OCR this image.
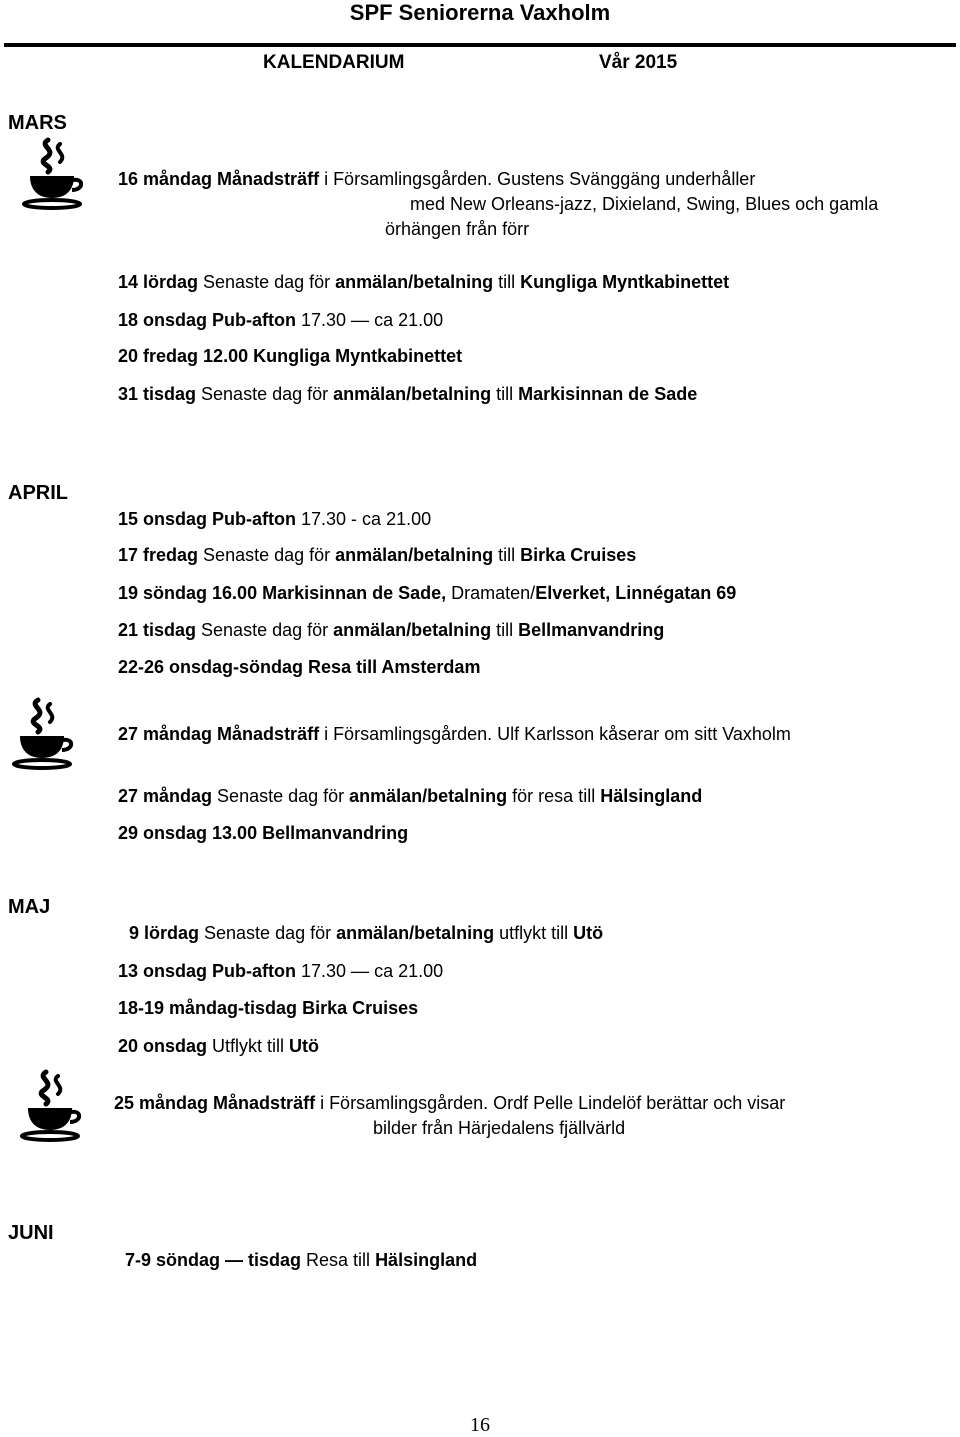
SPF Seniorerna Vaxholm
KALENDARIUM	Vår 2015
MARS
16 måndag Månadsträff i Församlingsgården. Gustens Svänggäng underhåller
med New Orleans-jazz, Dixieland, Swing, Blues och gamla
örhängen från förr
14 lördag Senaste dag för anmälan/betalning till Kungliga Myntkabinettet
18 onsdag Pub-afton 17.30 — ca 21.00
20 fredag 12.00 Kungliga Myntkabinettet
31 tisdag Senaste dag för anmälan/betalning till Markisinnan de Sade
APRIL
15 onsdag Pub-afton 17.30 - ca 21.00
17 fredag Senaste dag för anmälan/betalning till Birka Cruises
19 söndag 16.00 Markisinnan de Sade, Dramaten/Elverket, Linnégatan 69
21 tisdag Senaste dag för anmälan/betalning till Bellmanvandring
22-26 onsdag-söndag Resa till Amsterdam
27 måndag Månadsträff i Församlingsgården. Ulf Karlsson kåserar om sitt Vaxholm
27 måndag Senaste dag för anmälan/betalning för resa till Hälsingland
29 onsdag 13.00 Bellmanvandring
MAJ
9 lördag Senaste dag för anmälan/betalning utflykt till Utö
13 onsdag Pub-afton 17.30 — ca 21.00
18-19 måndag-tisdag Birka Cruises
20 onsdag Utflykt till Utö
25 måndag Månadsträff i Församlingsgården. Ordf Pelle Lindelöf berättar och visar
bilder från Härjedalens fjällvärld
JUNI
7-9 söndag — tisdag Resa till Hälsingland
16
